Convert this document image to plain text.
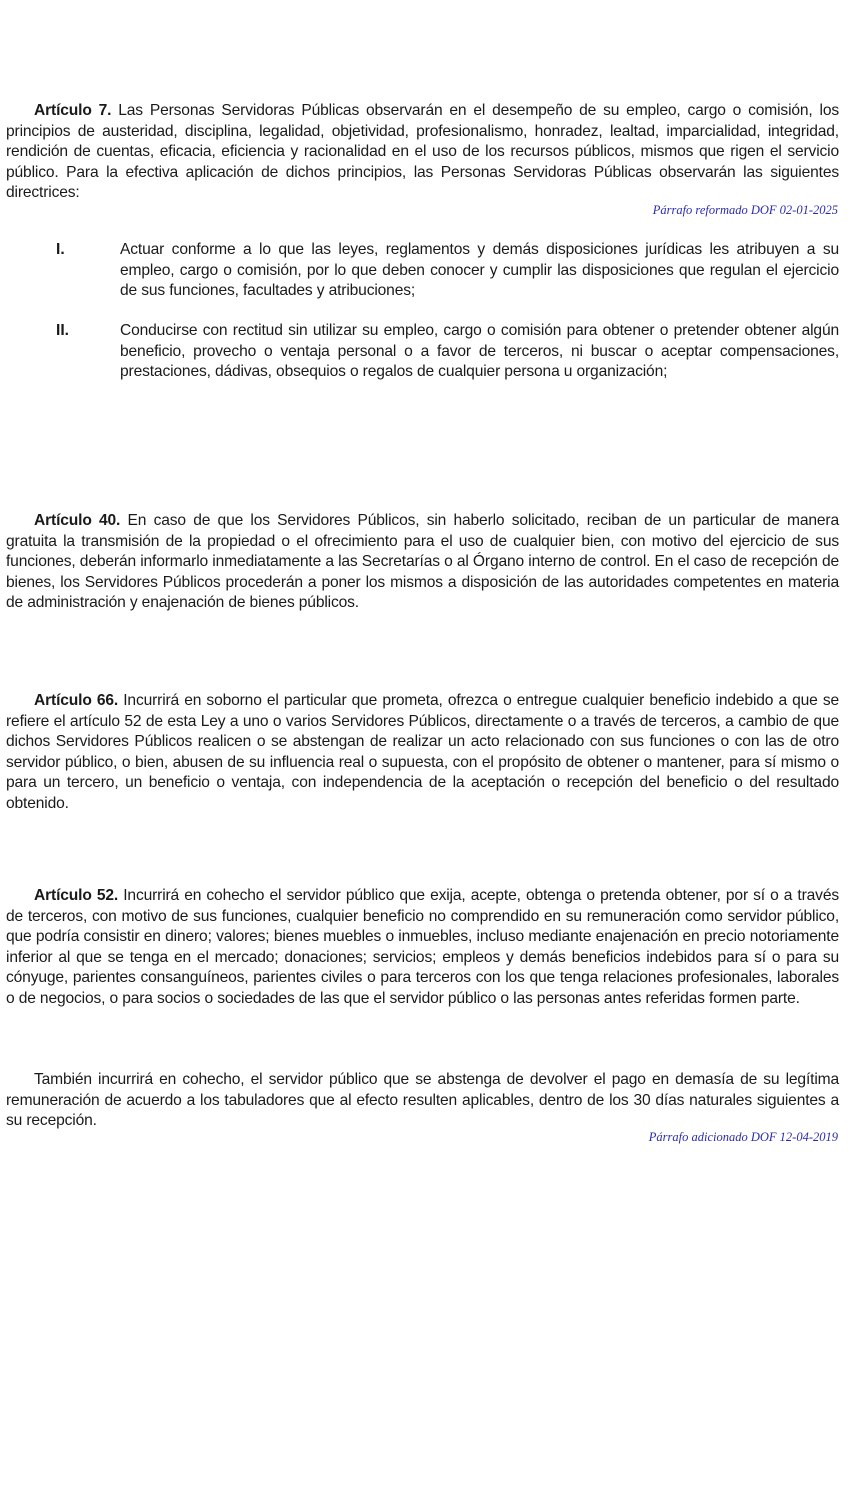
Artículo 7. Las Personas Servidoras Públicas observarán en el desempeño de su empleo, cargo o comisión, los principios de austeridad, disciplina, legalidad, objetividad, profesionalismo, honradez, lealtad, imparcialidad, integridad, rendición de cuentas, eficacia, eficiencia y racionalidad en el uso de los recursos públicos, mismos que rigen el servicio público. Para la efectiva aplicación de dichos principios, las Personas Servidoras Públicas observarán las siguientes directrices:

Párrafo reformado DOF 02-01-2025
I.	Actuar conforme a lo que las leyes, reglamentos y demás disposiciones jurídicas les atribuyen a su empleo, cargo o comisión, por lo que deben conocer y cumplir las disposiciones que regulan el ejercicio de sus funciones, facultades y atribuciones;
II.	Conducirse con rectitud sin utilizar su empleo, cargo o comisión para obtener o pretender obtener algún beneficio, provecho o ventaja personal o a favor de terceros, ni buscar o aceptar compensaciones, prestaciones, dádivas, obsequios o regalos de cualquier persona u organización;

Artículo 40. En caso de que los Servidores Públicos, sin haberlo solicitado, reciban de un particular de manera gratuita la transmisión de la propiedad o el ofrecimiento para el uso de cualquier bien, con motivo del ejercicio de sus funciones, deberán informarlo inmediatamente a las Secretarías o al Órgano interno de control. En el caso de recepción de bienes, los Servidores Públicos procederán a poner los mismos a disposición de las autoridades competentes en materia de administración y enajenación de bienes públicos.

Artículo 66. Incurrirá en soborno el particular que prometa, ofrezca o entregue cualquier beneficio indebido a que se refiere el artículo 52 de esta Ley a uno o varios Servidores Públicos, directamente o a través de terceros, a cambio de que dichos Servidores Públicos realicen o se abstengan de realizar un acto relacionado con sus funciones o con las de otro servidor público, o bien, abusen de su influencia real o supuesta, con el propósito de obtener o mantener, para sí mismo o para un tercero, un beneficio o ventaja, con independencia de la aceptación o recepción del beneficio o del resultado obtenido.

Artículo 52. Incurrirá en cohecho el servidor público que exija, acepte, obtenga o pretenda obtener, por sí o a través de terceros, con motivo de sus funciones, cualquier beneficio no comprendido en su remuneración como servidor público, que podría consistir en dinero; valores; bienes muebles o inmuebles, incluso mediante enajenación en precio notoriamente inferior al que se tenga en el mercado; donaciones; servicios; empleos y demás beneficios indebidos para sí o para su cónyuge, parientes consanguíneos, parientes civiles o para terceros con los que tenga relaciones profesionales, laborales o de negocios, o para socios o sociedades de las que el servidor público o las personas antes referidas formen parte.

También incurrirá en cohecho, el servidor público que se abstenga de devolver el pago en demasía de su legítima remuneración de acuerdo a los tabuladores que al efecto resulten aplicables, dentro de los 30 días naturales siguientes a su recepción.

Párrafo adicionado DOF 12-04-2019
